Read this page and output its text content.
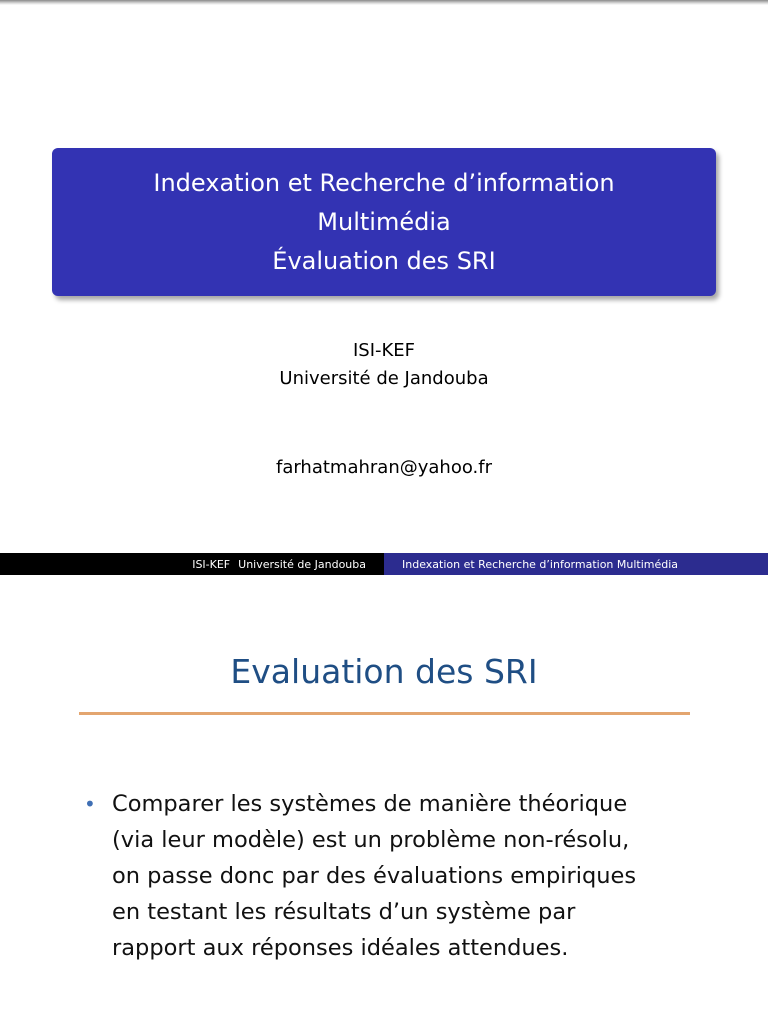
Indexation et Recherche d’information
Multimédia
Évaluation des SRI
ISI-KEF
Université de Jandouba
farhatmahran@yahoo.fr
ISI-KEF Université de Jandouba	Indexation et Recherche d’information Multimédia
Evaluation des SRI
• Comparer les systèmes de manière théorique
(via leur modèle) est un problème non-résolu,
on passe donc par des évaluations empiriques
en testant les résultats d’un système par
rapport aux réponses idéales attendues.
